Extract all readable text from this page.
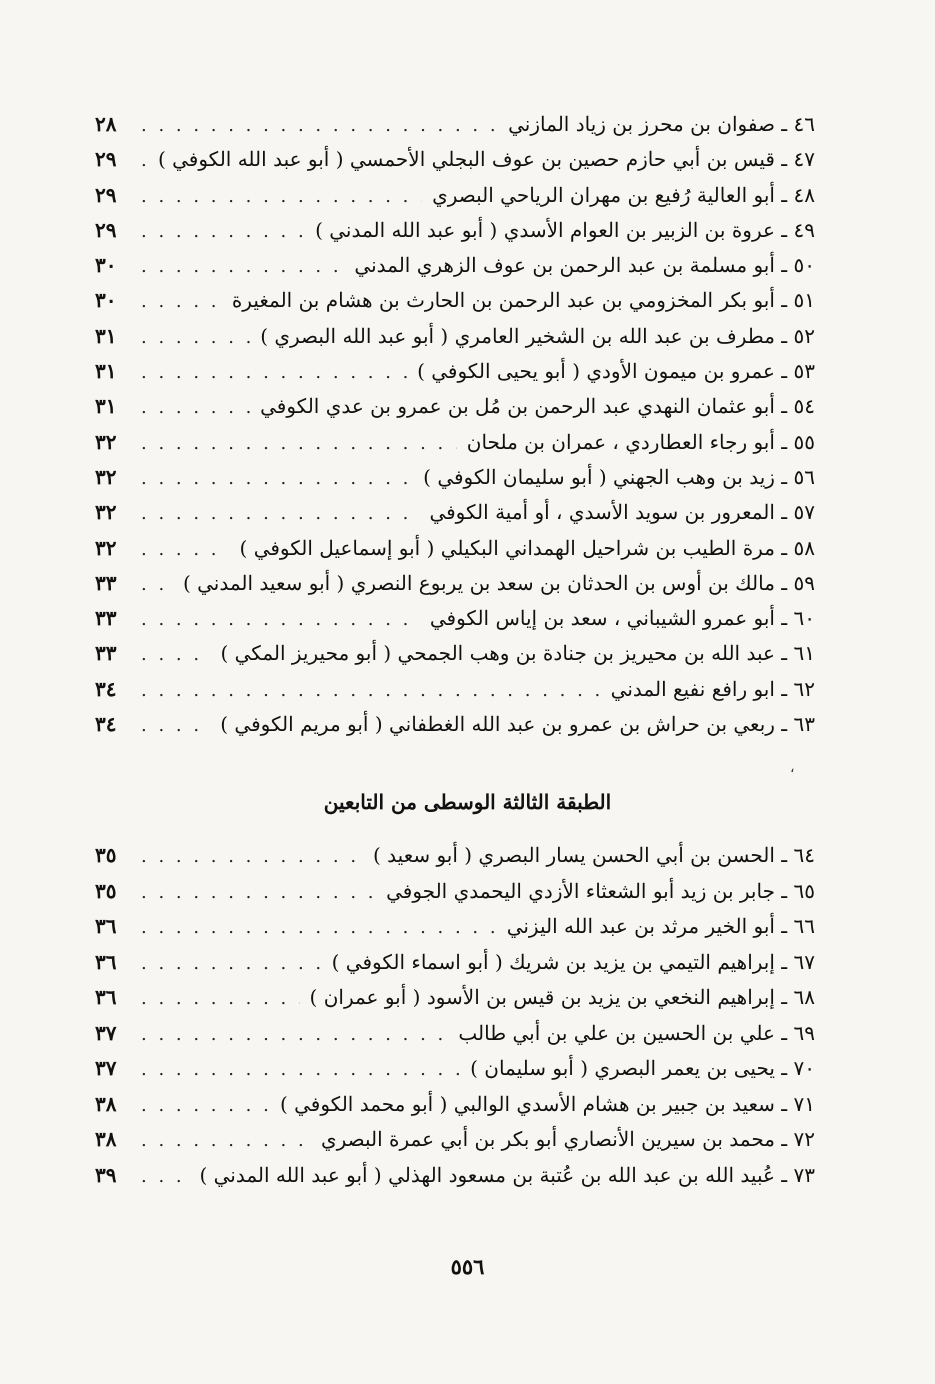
٤٦ ـ صفوان بن محرز بن زياد المازني
. . .
٢٨
٤٧ ـ قيس بن أبي حازم حصين بن عوف البجلي الأحمسي ( أبو عبد الله الكوفي )
. . .
٢٩
٤٨ ـ أبو العالية رُفيع بن مهران الرياحي البصري
. . .
٢٩
٤٩ ـ عروة بن الزبير بن العوام الأسدي ( أبو عبد الله المدني )
. . .
٢٩
٥٠ ـ أبو مسلمة بن عبد الرحمن بن عوف الزهري المدني
. . .
٣٠
٥١ ـ أبو بكر المخزومي بن عبد الرحمن بن الحارث بن هشام بن المغيرة
. . .
٣٠
٥٢ ـ مطرف بن عبد الله بن الشخير العامري ( أبو عبد الله البصري )
. . .
٣١
٥٣ ـ عمرو بن ميمون الأودي ( أبو يحيى الكوفي )
. . .
٣١
٥٤ ـ أبو عثمان النهدي عبد الرحمن بن مُل بن عمرو بن عدي الكوفي
. . .
٣١
٥٥ ـ أبو رجاء العطاردي ، عمران بن ملحان
. . .
٣٢
٥٦ ـ زيد بن وهب الجهني ( أبو سليمان الكوفي )
. . .
٣٢
٥٧ ـ المعرور بن سويد الأسدي ، أو أمية الكوفي
. . .
٣٢
٥٨ ـ مرة الطيب بن شراحيل الهمداني البكيلي ( أبو إسماعيل الكوفي )
. . .
٣٢
٥٩ ـ مالك بن أوس بن الحدثان بن سعد بن يربوع النصري ( أبو سعيد المدني )
. . .
٣٣
٦٠ ـ أبو عمرو الشيباني ، سعد بن إياس الكوفي
. . .
٣٣
٦١ ـ عبد الله بن محيريز بن جنادة بن وهب الجمحي ( أبو محيريز المكي )
. . .
٣٣
٦٢ ـ ابو رافع نفيع المدني
. . .
٣٤
٦٣ ـ ربعي بن حراش بن عمرو بن عبد الله الغطفاني ( أبو مريم الكوفي )
. . .
٣٤
،
الطبقة الثالثة الوسطى من التابعين
٦٤ ـ الحسن بن أبي الحسن يسار البصري ( أبو سعيد )
. . .
٣٥
٦٥ ـ جابر بن زيد أبو الشعثاء الأزدي اليحمدي الجوفي
. . .
٣٥
٦٦ ـ أبو الخير مرثد بن عبد الله اليزني
. . .
٣٦
٦٧ ـ إبراهيم التيمي بن يزيد بن شريك ( أبو اسماء الكوفي )
. . .
٣٦
٦٨ ـ إبراهيم النخعي بن يزيد بن قيس بن الأسود ( أبو عمران )
. . .
٣٦
٦٩ ـ علي بن الحسين بن علي بن أبي طالب
. . .
٣٧
٧٠ ـ يحيى بن يعمر البصري ( أبو سليمان )
. . .
٣٧
٧١ ـ سعيد بن جبير بن هشام الأسدي الوالبي ( أبو محمد الكوفي )
. . .
٣٨
٧٢ ـ محمد بن سيرين الأنصاري أبو بكر بن أبي عمرة البصري
. . .
٣٨
٧٣ ـ عُبيد الله بن عبد الله بن عُتبة بن مسعود الهذلي ( أبو عبد الله المدني )
. . .
٣٩
٥٥٦
